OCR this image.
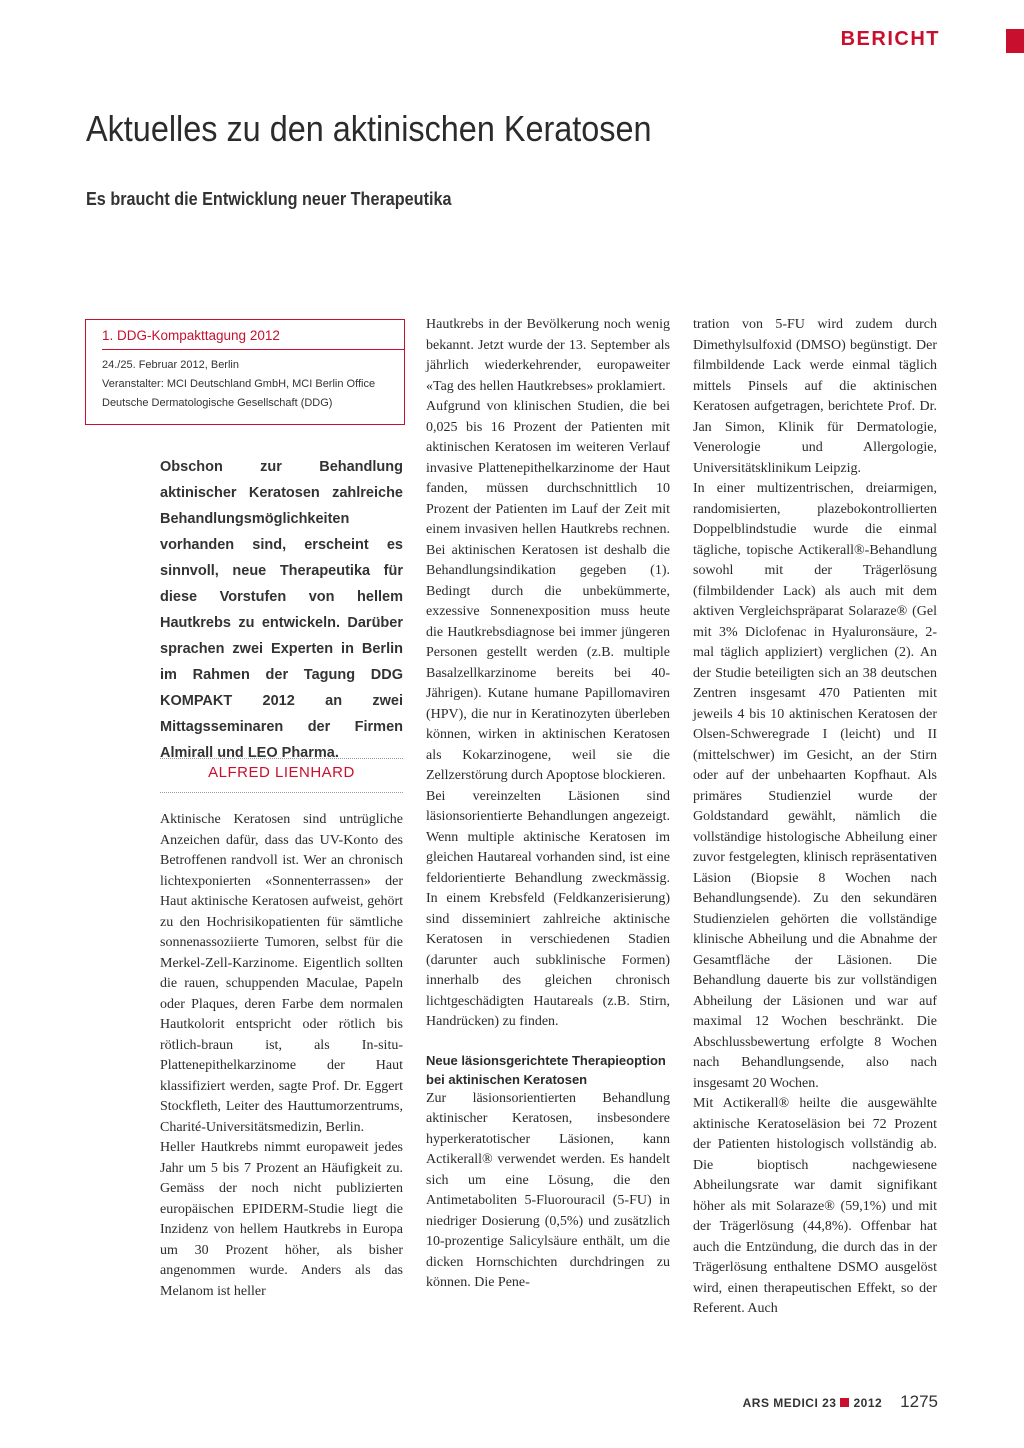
BERICHT
Aktuelles zu den aktinischen Keratosen
Es braucht die Entwicklung neuer Therapeutika
1. DDG-Kompakttagung 2012
24./25. Februar 2012, Berlin
Veranstalter: MCI Deutschland GmbH, MCI Berlin Office
Deutsche Dermatologische Gesellschaft (DDG)

Obschon zur Behandlung aktinischer Keratosen zahlreiche Behandlungsmöglichkeiten vorhanden sind, erscheint es sinnvoll, neue Therapeutika für diese Vorstufen von hellem Hautkrebs zu entwickeln. Darüber sprachen zwei Experten in Berlin im Rahmen der Tagung DDG KOMPAKT 2012 an zwei Mittagsseminaren der Firmen Almirall und LEO Pharma.

ALFRED LIENHARD

Aktinische Keratosen sind untrügliche Anzeichen dafür, dass das UV-Konto des Betroffenen randvoll ist. Wer an chronisch lichtexponierten «Sonnenterrassen» der Haut aktinische Keratosen aufweist, gehört zu den Hochrisikopatienten für sämtliche sonnenassoziierte Tumoren, selbst für die Merkel-Zell-Karzinome. Eigentlich sollten die rauen, schuppenden Maculae, Papeln oder Plaques, deren Farbe dem normalen Hautkolorit entspricht oder rötlich bis rötlich-braun ist, als In-situ-Plattenepithelkarzinome der Haut klassifiziert werden, sagte Prof. Dr. Eggert Stockfleth, Leiter des Hauttumorzentrums, Charité-Universitätsmedizin, Berlin.

Heller Hautkrebs nimmt europaweit jedes Jahr um 5 bis 7 Prozent an Häufigkeit zu. Gemäss der noch nicht publizierten europäischen EPIDERM-Studie liegt die Inzidenz von hellem Hautkrebs in Europa um 30 Prozent höher, als bisher angenommen wurde. Anders als das Melanom ist heller

Hautkrebs in der Bevölkerung noch wenig bekannt. Jetzt wurde der 13. September als jährlich wiederkehrender, europaweiter «Tag des hellen Hautkrebses» proklamiert.

Aufgrund von klinischen Studien, die bei 0,025 bis 16 Prozent der Patienten mit aktinischen Keratosen im weiteren Verlauf invasive Plattenepithelkarzinome der Haut fanden, müssen durchschnittlich 10 Prozent der Patienten im Lauf der Zeit mit einem invasiven hellen Hautkrebs rechnen. Bei aktinischen Keratosen ist deshalb die Behandlungsindikation gegeben (1). Bedingt durch die unbekümmerte, exzessive Sonnenexposition muss heute die Hautkrebsdiagnose bei immer jüngeren Personen gestellt werden (z.B. multiple Basalzellkarzinome bereits bei 40-Jährigen). Kutane humane Papillomaviren (HPV), die nur in Keratinozyten überleben können, wirken in aktinischen Keratosen als Kokarzinogene, weil sie die Zellzerstörung durch Apoptose blockieren.

Bei vereinzelten Läsionen sind läsionsorientierte Behandlungen angezeigt. Wenn multiple aktinische Keratosen im gleichen Hautareal vorhanden sind, ist eine feldorientierte Behandlung zweckmässig. In einem Krebsfeld (Feldkanzerisierung) sind disseminiert zahlreiche aktinische Keratosen in verschiedenen Stadien (darunter auch subklinische Formen) innerhalb des gleichen chronisch lichtgeschädigten Hautareals (z.B. Stirn, Handrücken) zu finden.

Neue läsionsgerichtete Therapieoption bei aktinischen Keratosen

Zur läsionsorientierten Behandlung aktinischer Keratosen, insbesondere hyperkeratotischer Läsionen, kann Actikerall® verwendet werden. Es handelt sich um eine Lösung, die den Antimetaboliten 5-Fluorouracil (5-FU) in niedriger Dosierung (0,5%) und zusätzlich 10-prozentige Salicylsäure enthält, um die dicken Hornschichten durchdringen zu können. Die Pene-

tration von 5-FU wird zudem durch Dimethylsulfoxid (DMSO) begünstigt. Der filmbildende Lack werde einmal täglich mittels Pinsels auf die aktinischen Keratosen aufgetragen, berichtete Prof. Dr. Jan Simon, Klinik für Dermatologie, Venerologie und Allergologie, Universitätsklinikum Leipzig.

In einer multizentrischen, dreiarmigen, randomisierten, plazebokontrollierten Doppelblindstudie wurde die einmal tägliche, topische Actikerall®-Behandlung sowohl mit der Trägerlösung (filmbildender Lack) als auch mit dem aktiven Vergleichspräparat Solaraze® (Gel mit 3% Diclofenac in Hyaluronsäure, 2-mal täglich appliziert) verglichen (2). An der Studie beteiligten sich an 38 deutschen Zentren insgesamt 470 Patienten mit jeweils 4 bis 10 aktinischen Keratosen der Olsen-Schweregrade I (leicht) und II (mittelschwer) im Gesicht, an der Stirn oder auf der unbehaarten Kopfhaut. Als primäres Studienziel wurde der Goldstandard gewählt, nämlich die vollständige histologische Abheilung einer zuvor festgelegten, klinisch repräsentativen Läsion (Biopsie 8 Wochen nach Behandlungsende). Zu den sekundären Studienzielen gehörten die vollständige klinische Abheilung und die Abnahme der Gesamtfläche der Läsionen. Die Behandlung dauerte bis zur vollständigen Abheilung der Läsionen und war auf maximal 12 Wochen beschränkt. Die Abschlussbewertung erfolgte 8 Wochen nach Behandlungsende, also nach insgesamt 20 Wochen.

Mit Actikerall® heilte die ausgewählte aktinische Keratoseläsion bei 72 Prozent der Patienten histologisch vollständig ab. Die bioptisch nachgewiesene Abheilungsrate war damit signifikant höher als mit Solaraze® (59,1%) und mit der Trägerlösung (44,8%). Offenbar hat auch die Entzündung, die durch das in der Trägerlösung enthaltene DSMO ausgelöst wird, einen therapeutischen Effekt, so der Referent. Auch

ARS MEDICI 23 2012 1275
